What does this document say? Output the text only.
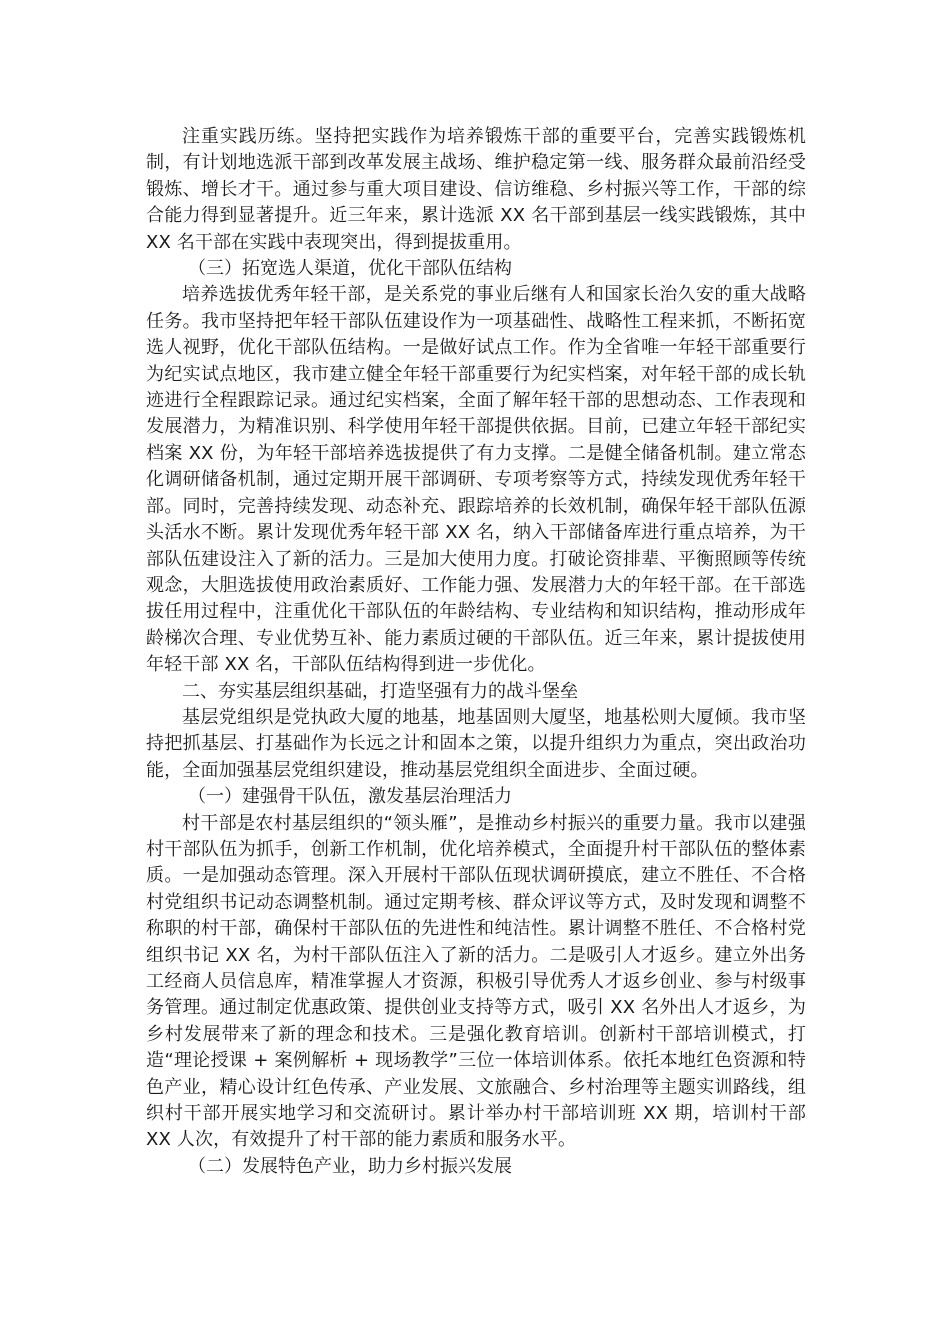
注重实践历练。坚持把实践作为培养锻炼干部的重要平台，完善实践锻炼机制，有计划地选派干部到改革发展主战场、维护稳定第一线、服务群众最前沿经受锻炼、增长才干。通过参与重大项目建设、信访维稳、乡村振兴等工作，干部的综合能力得到显著提升。近三年来，累计选派 XX 名干部到基层一线实践锻炼，其中 XX 名干部在实践中表现突出，得到提拔重用。

（三）拓宽选人渠道，优化干部队伍结构

培养选拔优秀年轻干部，是关系党的事业后继有人和国家长治久安的重大战略任务。我市坚持把年轻干部队伍建设作为一项基础性、战略性工程来抓，不断拓宽选人视野，优化干部队伍结构。一是做好试点工作。作为全省唯一年轻干部重要行为纪实试点地区，我市建立健全年轻干部重要行为纪实档案，对年轻干部的成长轨迹进行全程跟踪记录。通过纪实档案，全面了解年轻干部的思想动态、工作表现和发展潜力，为精准识别、科学使用年轻干部提供依据。目前，已建立年轻干部纪实档案 XX 份，为年轻干部培养选拔提供了有力支撑。二是健全储备机制。建立常态化调研储备机制，通过定期开展干部调研、专项考察等方式，持续发现优秀年轻干部。同时，完善持续发现、动态补充、跟踪培养的长效机制，确保年轻干部队伍源头活水不断。累计发现优秀年轻干部 XX 名，纳入干部储备库进行重点培养，为干部队伍建设注入了新的活力。三是加大使用力度。打破论资排辈、平衡照顾等传统观念，大胆选拔使用政治素质好、工作能力强、发展潜力大的年轻干部。在干部选拔任用过程中，注重优化干部队伍的年龄结构、专业结构和知识结构，推动形成年龄梯次合理、专业优势互补、能力素质过硬的干部队伍。近三年来，累计提拔使用年轻干部 XX 名，干部队伍结构得到进一步优化。

二、夯实基层组织基础，打造坚强有力的战斗堡垒

基层党组织是党执政大厦的地基，地基固则大厦坚，地基松则大厦倾。我市坚持把抓基层、打基础作为长远之计和固本之策，以提升组织力为重点，突出政治功能，全面加强基层党组织建设，推动基层党组织全面进步、全面过硬。

（一）建强骨干队伍，激发基层治理活力

村干部是农村基层组织的“领头雁”，是推动乡村振兴的重要力量。我市以建强村干部队伍为抓手，创新工作机制，优化培养模式，全面提升村干部队伍的整体素质。一是加强动态管理。深入开展村干部队伍现状调研摸底，建立不胜任、不合格村党组织书记动态调整机制。通过定期考核、群众评议等方式，及时发现和调整不称职的村干部，确保村干部队伍的先进性和纯洁性。累计调整不胜任、不合格村党组织书记 XX 名，为村干部队伍注入了新的活力。二是吸引人才返乡。建立外出务工经商人员信息库，精准掌握人才资源，积极引导优秀人才返乡创业、参与村级事务管理。通过制定优惠政策、提供创业支持等方式，吸引 XX 名外出人才返乡，为乡村发展带来了新的理念和技术。三是强化教育培训。创新村干部培训模式，打造“理论授课 + 案例解析 + 现场教学”三位一体培训体系。依托本地红色资源和特色产业，精心设计红色传承、产业发展、文旅融合、乡村治理等主题实训路线，组织村干部开展实地学习和交流研讨。累计举办村干部培训班 XX 期，培训村干部 XX 人次，有效提升了村干部的能力素质和服务水平。

（二）发展特色产业，助力乡村振兴发展
